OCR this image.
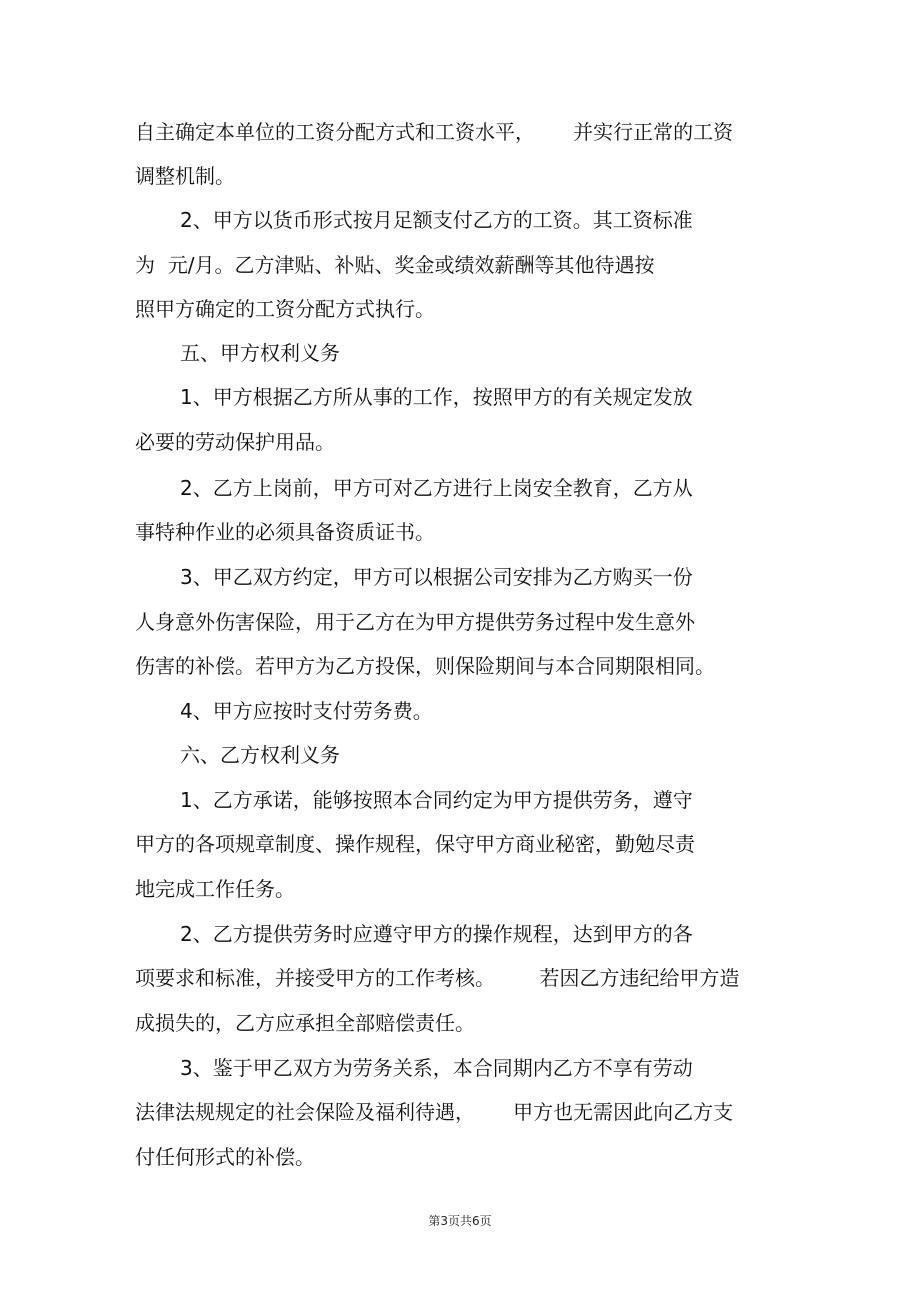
自主确定本单位的工资分配方式和工资水平，      并实行正常的工资

调整机制。

2、甲方以货币形式按月足额支付乙方的工资。其工资标准

为  元/月。乙方津贴、补贴、奖金或绩效薪酬等其他待遇按

照甲方确定的工资分配方式执行。

五、甲方权利义务

1、甲方根据乙方所从事的工作，按照甲方的有关规定发放

必要的劳动保护用品。

2、乙方上岗前，甲方可对乙方进行上岗安全教育，乙方从

事特种作业的必须具备资质证书。

3、甲乙双方约定，甲方可以根据公司安排为乙方购买一份

人身意外伤害保险，用于乙方在为甲方提供劳务过程中发生意外

伤害的补偿。若甲方为乙方投保，则保险期间与本合同期限相同。

4、甲方应按时支付劳务费。

六、乙方权利义务

1、乙方承诺，能够按照本合同约定为甲方提供劳务，遵守

甲方的各项规章制度、操作规程，保守甲方商业秘密，勤勉尽责

地完成工作任务。

2、乙方提供劳务时应遵守甲方的操作规程，达到甲方的各

项要求和标准，并接受甲方的工作考核。       若因乙方违纪给甲方造

成损失的，乙方应承担全部赔偿责任。

3、鉴于甲乙双方为劳务关系，本合同期内乙方不享有劳动

法律法规规定的社会保险及福利待遇，      甲方也无需因此向乙方支

付任何形式的补偿。

第3页共6页
